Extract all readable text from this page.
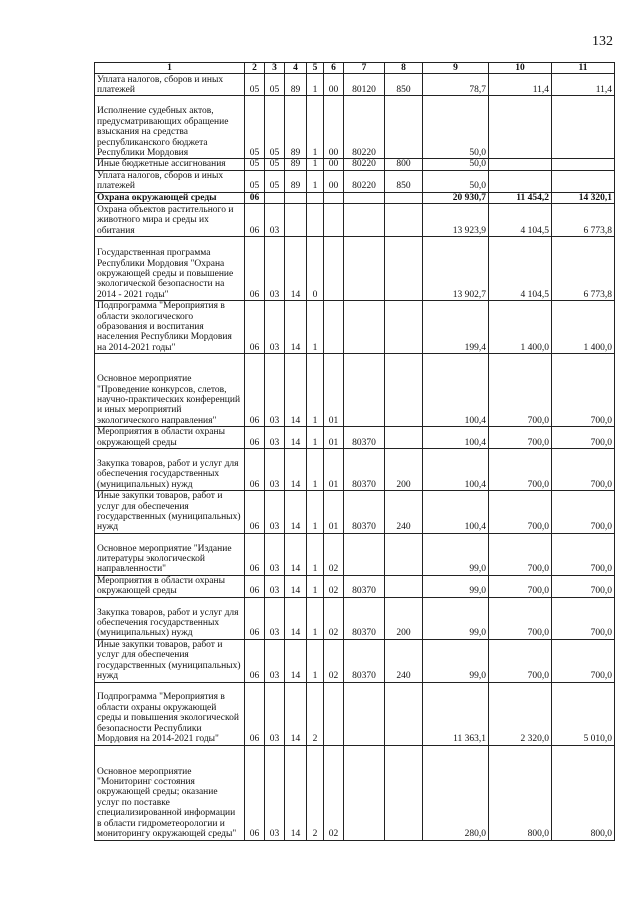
132
1	2	3	4	5	6	7	8	9	10	11
Уплата налогов, сборов и иных платежей	05	05	89	1	00	80120	850	78,7	11,4	11,4
Исполнение судебных актов, предусматривающих обращение взыскания на средства республиканского бюджета Республики Мордовия	05	05	89	1	00	80220		50,0		
Иные бюджетные ассигнования	05	05	89	1	00	80220	800	50,0		
Уплата налогов, сборов и иных платежей	05	05	89	1	00	80220	850	50,0		
Охрана окружающей среды	06							20 930,7	11 454,2	14 320,1
Охрана объектов растительного и животного мира и среды их обитания	06	03						13 923,9	4 104,5	6 773,8
Государственная программа Республики Мордовия "Охрана окружающей среды и повышение экологической безопасности на 2014 - 2021 годы"	06	03	14	0				13 902,7	4 104,5	6 773,8
Подпрограмма "Мероприятия в области экологического образования и воспитания населения Республики Мордовия на 2014-2021 годы"	06	03	14	1				199,4	1 400,0	1 400,0
Основное мероприятие "Проведение конкурсов, слетов, научно-практических конференций и иных мероприятий экологического направления"	06	03	14	1	01			100,4	700,0	700,0
Мероприятия в области охраны окружающей среды	06	03	14	1	01	80370		100,4	700,0	700,0
Закупка товаров, работ и услуг для обеспечения государственных (муниципальных) нужд	06	03	14	1	01	80370	200	100,4	700,0	700,0
Иные закупки товаров, работ и услуг для обеспечения государственных (муниципальных) нужд	06	03	14	1	01	80370	240	100,4	700,0	700,0
Основное мероприятие "Издание литературы экологической направленности"	06	03	14	1	02			99,0	700,0	700,0
Мероприятия в области охраны окружающей среды	06	03	14	1	02	80370		99,0	700,0	700,0
Закупка товаров, работ и услуг для обеспечения государственных (муниципальных) нужд	06	03	14	1	02	80370	200	99,0	700,0	700,0
Иные закупки товаров, работ и услуг для обеспечения государственных (муниципальных) нужд	06	03	14	1	02	80370	240	99,0	700,0	700,0
Подпрограмма "Мероприятия в области охраны окружающей среды и повышения экологической безопасности Республики Мордовия на 2014-2021 годы"	06	03	14	2				11 363,1	2 320,0	5 010,0
Основное мероприятие "Мониторинг состояния окружающей среды; оказание услуг по поставке специализированной информации в области гидрометеорологии и мониторингу окружающей среды"	06	03	14	2	02			280,0	800,0	800,0
